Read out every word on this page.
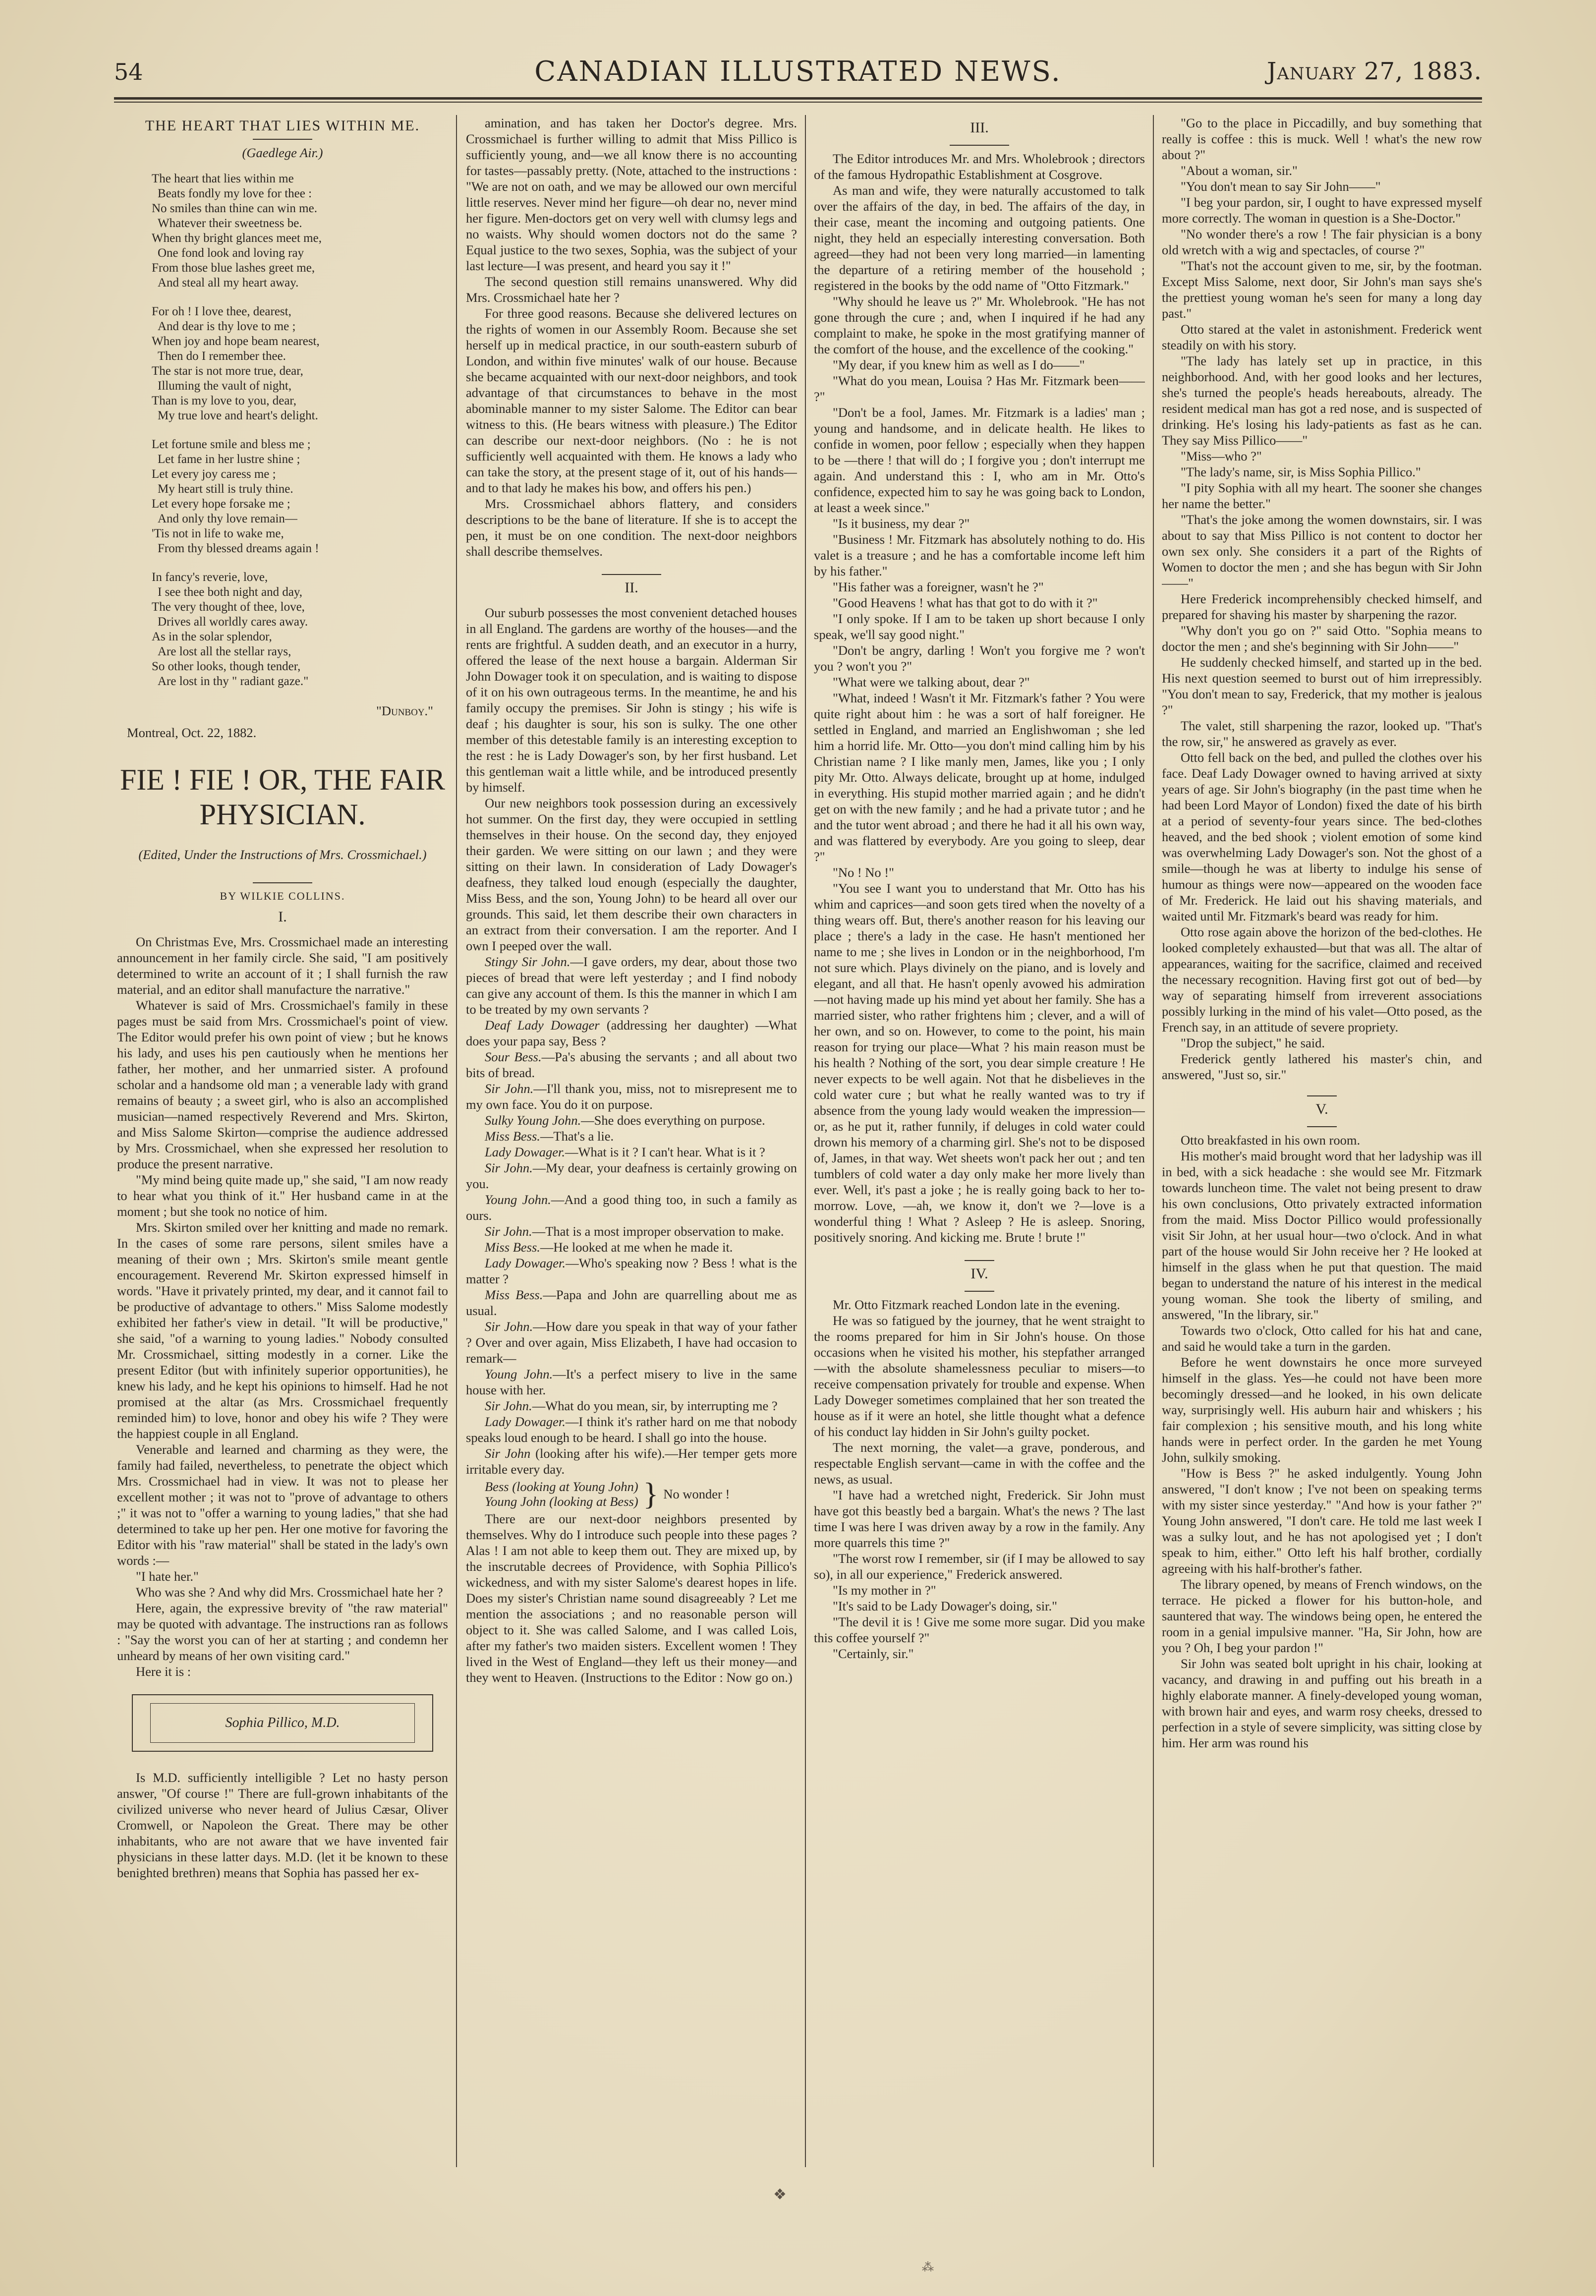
54	CANADIAN ILLUSTRATED NEWS.	January 27, 1883.
THE HEART THAT LIES WITHIN ME.
(Gaedlege Air.)
The heart that lies within me
Beats fondly my love for thee :
No smiles than thine can win me.
Whatever their sweetness be.
When thy bright glances meet me,
One fond look and loving ray
From those blue lashes greet me,
And steal all my heart away.
For oh ! I love thee, dearest,
And dear is thy love to me ;
When joy and hope beam nearest,
Then do I remember thee.
The star is not more true, dear,
Illuming the vault of night,
Than is my love to you, dear,
My true love and heart's delight.
Let fortune smile and bless me ;
Let fame in her lustre shine ;
Let every joy caress me ;
My heart still is truly thine.
Let every hope forsake me ;
And only thy love remain—
'Tis not in life to wake me,
From thy blessed dreams again !
In fancy's reverie, love,
I see thee both night and day,
The very thought of thee, love,
Drives all worldly cares away.
As in the solar splendor,
Are lost all the stellar rays,
So other looks, though tender,
Are lost in thy " radiant gaze."
"Dunboy."
Montreal, Oct. 22, 1882.
FIE ! FIE ! OR, THE FAIR PHYSICIAN.
(Edited, Under the Instructions of Mrs. Crossmichael.)
BY WILKIE COLLINS.
I.

On Christmas Eve, Mrs. Crossmichael made an interesting announcement in her family circle. She said, "I am positively determined to write an account of it ; I shall furnish the raw material, and an editor shall manufacture the narrative."

Whatever is said of Mrs. Crossmichael's family in these pages must be said from Mrs. Crossmichael's point of view. The Editor would prefer his own point of view ; but he knows his lady, and uses his pen cautiously when he mentions her father, her mother, and her unmarried sister. A profound scholar and a handsome old man ; a venerable lady with grand remains of beauty ; a sweet girl, who is also an accomplished musician—named respectively Reverend and Mrs. Skirton, and Miss Salome Skirton—comprise the audience addressed by Mrs. Crossmichael, when she expressed her resolution to produce the present narrative.

"My mind being quite made up," she said, "I am now ready to hear what you think of it." Her husband came in at the moment ; but she took no notice of him.

Mrs. Skirton smiled over her knitting and made no remark. In the cases of some rare persons, silent smiles have a meaning of their own ; Mrs. Skirton's smile meant gentle encouragement. Reverend Mr. Skirton expressed himself in words. "Have it privately printed, my dear, and it cannot fail to be productive of advantage to others." Miss Salome modestly exhibited her father's view in detail. "It will be productive," she said, "of a warning to young ladies." Nobody consulted Mr. Crossmichael, sitting modestly in a corner. Like the present Editor (but with infinitely superior opportunities), he knew his lady, and he kept his opinions to himself. Had he not promised at the altar (as Mrs. Crossmichael frequently reminded him) to love, honor and obey his wife ? They were the happiest couple in all England.

Venerable and learned and charming as they were, the family had failed, nevertheless, to penetrate the object which Mrs. Crossmichael had in view. It was not to please her excellent mother ; it was not to "prove of advantage to others ;" it was not to "offer a warning to young ladies," that she had determined to take up her pen. Her one motive for favoring the Editor with his "raw material" shall be stated in the lady's own words :—

"I hate her."

Who was she ? And why did Mrs. Crossmichael hate her ?

Here, again, the expressive brevity of "the raw material" may be quoted with advantage. The instructions ran as follows : "Say the worst you can of her at starting ; and condemn her unheard by means of her own visiting card."

Here it is :

Sophia Pillico, M.D.

Is M.D. sufficiently intelligible ? Let no hasty person answer, "Of course !" There are full-grown inhabitants of the civilized universe who never heard of Julius Cæsar, Oliver Cromwell, or Napoleon the Great. There may be other inhabitants, who are not aware that we have invented fair physicians in these latter days. M.D. (let it be known to these benighted brethren) means that Sophia has passed her ex-

amination, and has taken her Doctor's degree. Mrs. Crossmichael is further willing to admit that Miss Pillico is sufficiently young, and—we all know there is no accounting for tastes—passably pretty. (Note, attached to the instructions : "We are not on oath, and we may be allowed our own merciful little reserves. Never mind her figure—oh dear no, never mind her figure. Men-doctors get on very well with clumsy legs and no waists. Why should women doctors not do the same ? Equal justice to the two sexes, Sophia, was the subject of your last lecture—I was present, and heard you say it !"

The second question still remains unanswered. Why did Mrs. Crossmichael hate her ?

For three good reasons. Because she delivered lectures on the rights of women in our Assembly Room. Because she set herself up in medical practice, in our south-eastern suburb of London, and within five minutes' walk of our house. Because she became acquainted with our next-door neighbors, and took advantage of that circumstances to behave in the most abominable manner to my sister Salome. The Editor can bear witness to this. (He bears witness with pleasure.) The Editor can describe our next-door neighbors. (No : he is not sufficiently well acquainted with them. He knows a lady who can take the story, at the present stage of it, out of his hands—and to that lady he makes his bow, and offers his pen.)

Mrs. Crossmichael abhors flattery, and considers descriptions to be the bane of literature. If she is to accept the pen, it must be on one condition. The next-door neighbors shall describe themselves.

II.

Our suburb possesses the most convenient detached houses in all England. The gardens are worthy of the houses—and the rents are frightful. A sudden death, and an executor in a hurry, offered the lease of the next house a bargain. Alderman Sir John Dowager took it on speculation, and is waiting to dispose of it on his own outrageous terms. In the meantime, he and his family occupy the premises. Sir John is stingy ; his wife is deaf ; his daughter is sour, his son is sulky. The one other member of this detestable family is an interesting exception to the rest : he is Lady Dowager's son, by her first husband. Let this gentleman wait a little while, and be introduced presently by himself.

Our new neighbors took possession during an excessively hot summer. On the first day, they were occupied in settling themselves in their house. On the second day, they enjoyed their garden. We were sitting on our lawn ; and they were sitting on their lawn. In consideration of Lady Dowager's deafness, they talked loud enough (especially the daughter, Miss Bess, and the son, Young John) to be heard all over our grounds. This said, let them describe their own characters in an extract from their conversation. I am the reporter. And I own I peeped over the wall.

Stingy Sir John.—I gave orders, my dear, about those two pieces of bread that were left yesterday ; and I find nobody can give any account of them. Is this the manner in which I am to be treated by my own servants ?

Deaf Lady Dowager (addressing her daughter) —What does your papa say, Bess ?

Sour Bess.—Pa's abusing the servants ; and all about two bits of bread.

Sir John.—I'll thank you, miss, not to misrepresent me to my own face. You do it on purpose.

Sulky Young John.—She does everything on purpose.

Miss Bess.—That's a lie.

Lady Dowager.—What is it ? I can't hear. What is it ?

Sir John.—My dear, your deafness is certainly growing on you.

Young John.—And a good thing too, in such a family as ours.

Sir John.—That is a most improper observation to make.

Miss Bess.—He looked at me when he made it.

Lady Dowager.—Who's speaking now ? Bess ! what is the matter ?

Miss Bess.—Papa and John are quarrelling about me as usual.

Sir John.—How dare you speak in that way of your father ? Over and over again, Miss Elizabeth, I have had occasion to remark—

Young John.—It's a perfect misery to live in the same house with her.

Sir John.—What do you mean, sir, by interrupting me ?

Lady Dowager.—I think it's rather hard on me that nobody speaks loud enough to be heard. I shall go into the house.

Sir John (looking after his wife).—Her temper gets more irritable every day.

Bess (looking at Young John)
Young John (looking at Bess) } No wonder !

There are our next-door neighbors presented by themselves. Why do I introduce such people into these pages ? Alas ! I am not able to keep them out. They are mixed up, by the inscrutable decrees of Providence, with Sophia Pillico's wickedness, and with my sister Salome's dearest hopes in life. Does my sister's Christian name sound disagreeably ? Let me mention the associations ; and no reasonable person will object to it. She was called Salome, and I was called Lois, after my father's two maiden sisters. Excellent women ! They lived in the West of England—they left us their money—and they went to Heaven. (Instructions to the Editor : Now go on.)

III.

The Editor introduces Mr. and Mrs. Wholebrook ; directors of the famous Hydropathic Establishment at Cosgrove.

As man and wife, they were naturally accustomed to talk over the affairs of the day, in bed. The affairs of the day, in their case, meant the incoming and outgoing patients. One night, they held an especially interesting conversation. Both agreed—they had not been very long married—in lamenting the departure of a retiring member of the household ; registered in the books by the odd name of "Otto Fitzmark."

"Why should he leave us ?" Mr. Wholebrook. "He has not gone through the cure ; and, when I inquired if he had any complaint to make, he spoke in the most gratifying manner of the comfort of the house, and the excellence of the cooking."

"My dear, if you knew him as well as I do——"

"What do you mean, Louisa ? Has Mr. Fitzmark been—— ?"

"Don't be a fool, James. Mr. Fitzmark is a ladies' man ; young and handsome, and in delicate health. He likes to confide in women, poor fellow ; especially when they happen to be —there ! that will do ; I forgive you ; don't interrupt me again. And understand this : I, who am in Mr. Otto's confidence, expected him to say he was going back to London, at least a week since."

"Is it business, my dear ?"

"Business ! Mr. Fitzmark has absolutely nothing to do. His valet is a treasure ; and he has a comfortable income left him by his father."

"His father was a foreigner, wasn't he ?"

"Good Heavens ! what has that got to do with it ?"

"I only spoke. If I am to be taken up short because I only speak, we'll say good night."

"Don't be angry, darling ! Won't you forgive me ? won't you ? won't you ?"

"What were we talking about, dear ?"

"What, indeed ! Wasn't it Mr. Fitzmark's father ? You were quite right about him : he was a sort of half foreigner. He settled in England, and married an Englishwoman ; she led him a horrid life. Mr. Otto—you don't mind calling him by his Christian name ? I like manly men, James, like you ; I only pity Mr. Otto. Always delicate, brought up at home, indulged in everything. His stupid mother married again ; and he didn't get on with the new family ; and he had a private tutor ; and he and the tutor went abroad ; and there he had it all his own way, and was flattered by everybody. Are you going to sleep, dear ?"

"No ! No !"

"You see I want you to understand that Mr. Otto has his whim and caprices—and soon gets tired when the novelty of a thing wears off. But, there's another reason for his leaving our place ; there's a lady in the case. He hasn't mentioned her name to me ; she lives in London or in the neighborhood, I'm not sure which. Plays divinely on the piano, and is lovely and elegant, and all that. He hasn't openly avowed his admiration—not having made up his mind yet about her family. She has a married sister, who rather frightens him ; clever, and a will of her own, and so on. However, to come to the point, his main reason for trying our place—What ? his main reason must be his health ? Nothing of the sort, you dear simple creature ! He never expects to be well again. Not that he disbelieves in the cold water cure ; but what he really wanted was to try if absence from the young lady would weaken the impression—or, as he put it, rather funnily, if deluges in cold water could drown his memory of a charming girl. She's not to be disposed of, James, in that way. Wet sheets won't pack her out ; and ten tumblers of cold water a day only make her more lively than ever. Well, it's past a joke ; he is really going back to her to-morrow. Love, —ah, we know it, don't we ?—love is a wonderful thing ! What ? Asleep ? He is asleep. Snoring, positively snoring. And kicking me. Brute ! brute !"

IV.

Mr. Otto Fitzmark reached London late in the evening.

He was so fatigued by the journey, that he went straight to the rooms prepared for him in Sir John's house. On those occasions when he visited his mother, his stepfather arranged—with the absolute shamelessness peculiar to misers—to receive compensation privately for trouble and expense. When Lady Doweger sometimes complained that her son treated the house as if it were an hotel, she little thought what a defence of his conduct lay hidden in Sir John's guilty pocket.

The next morning, the valet—a grave, ponderous, and respectable English servant—came in with the coffee and the news, as usual.

"I have had a wretched night, Frederick. Sir John must have got this beastly bed a bargain. What's the news ? The last time I was here I was driven away by a row in the family. Any more quarrels this time ?"

"The worst row I remember, sir (if I may be allowed to say so), in all our experience," Frederick answered.

"Is my mother in ?"

"It's said to be Lady Dowager's doing, sir."

"The devil it is ! Give me some more sugar. Did you make this coffee yourself ?"

"Certainly, sir."

"Go to the place in Piccadilly, and buy something that really is coffee : this is muck. Well ! what's the new row about ?"

"About a woman, sir."

"You don't mean to say Sir John——"

"I beg your pardon, sir, I ought to have expressed myself more correctly. The woman in question is a She-Doctor."

"No wonder there's a row ! The fair physician is a bony old wretch with a wig and spectacles, of course ?"

"That's not the account given to me, sir, by the footman. Except Miss Salome, next door, Sir John's man says she's the prettiest young woman he's seen for many a long day past."

Otto stared at the valet in astonishment. Frederick went steadily on with his story.

"The lady has lately set up in practice, in this neighborhood. And, with her good looks and her lectures, she's turned the people's heads hereabouts, already. The resident medical man has got a red nose, and is suspected of drinking. He's losing his lady-patients as fast as he can. They say Miss Pillico——"

"Miss—who ?"

"The lady's name, sir, is Miss Sophia Pillico."

"I pity Sophia with all my heart. The sooner she changes her name the better."

"That's the joke among the women downstairs, sir. I was about to say that Miss Pillico is not content to doctor her own sex only. She considers it a part of the Rights of Women to doctor the men ; and she has begun with Sir John——"

Here Frederick incomprehensibly checked himself, and prepared for shaving his master by sharpening the razor.

"Why don't you go on ?" said Otto. "Sophia means to doctor the men ; and she's beginning with Sir John——"

He suddenly checked himself, and started up in the bed. His next question seemed to burst out of him irrepressibly. "You don't mean to say, Frederick, that my mother is jealous ?"

The valet, still sharpening the razor, looked up. "That's the row, sir," he answered as gravely as ever.

Otto fell back on the bed, and pulled the clothes over his face. Deaf Lady Dowager owned to having arrived at sixty years of age. Sir John's biography (in the past time when he had been Lord Mayor of London) fixed the date of his birth at a period of seventy-four years since. The bed-clothes heaved, and the bed shook ; violent emotion of some kind was overwhelming Lady Dowager's son. Not the ghost of a smile—though he was at liberty to indulge his sense of humour as things were now—appeared on the wooden face of Mr. Frederick. He laid out his shaving materials, and waited until Mr. Fitzmark's beard was ready for him.

Otto rose again above the horizon of the bed-clothes. He looked completely exhausted—but that was all. The altar of appearances, waiting for the sacrifice, claimed and received the necessary recognition. Having first got out of bed—by way of separating himself from irreverent associations possibly lurking in the mind of his valet—Otto posed, as the French say, in an attitude of severe propriety.

"Drop the subject," he said.

Frederick gently lathered his master's chin, and answered, "Just so, sir."

V.

Otto breakfasted in his own room.

His mother's maid brought word that her ladyship was ill in bed, with a sick headache : she would see Mr. Fitzmark towards luncheon time. The valet not being present to draw his own conclusions, Otto privately extracted information from the maid. Miss Doctor Pillico would professionally visit Sir John, at her usual hour—two o'clock. And in what part of the house would Sir John receive her ? He looked at himself in the glass when he put that question. The maid began to understand the nature of his interest in the medical young woman. She took the liberty of smiling, and answered, "In the library, sir."

Towards two o'clock, Otto called for his hat and cane, and said he would take a turn in the garden.

Before he went downstairs he once more surveyed himself in the glass. Yes—he could not have been more becomingly dressed—and he looked, in his own delicate way, surprisingly well. His auburn hair and whiskers ; his fair complexion ; his sensitive mouth, and his long white hands were in perfect order. In the garden he met Young John, sulkily smoking.

"How is Bess ?" he asked indulgently. Young John answered, "I don't know ; I've not been on speaking terms with my sister since yesterday." "And how is your father ?" Young John answered, "I don't care. He told me last week I was a sulky lout, and he has not apologised yet ; I don't speak to him, either." Otto left his half brother, cordially agreeing with his half-brother's father.

The library opened, by means of French windows, on the terrace. He picked a flower for his button-hole, and sauntered that way. The windows being open, he entered the room in a genial impulsive manner. "Ha, Sir John, how are you ? Oh, I beg your pardon !"

Sir John was seated bolt upright in his chair, looking at vacancy, and drawing in and puffing out his breath in a highly elaborate manner. A finely-developed young woman, with brown hair and eyes, and warm rosy cheeks, dressed to perfection in a style of severe simplicity, was sitting close by him. Her arm was round his

❖
⁂
